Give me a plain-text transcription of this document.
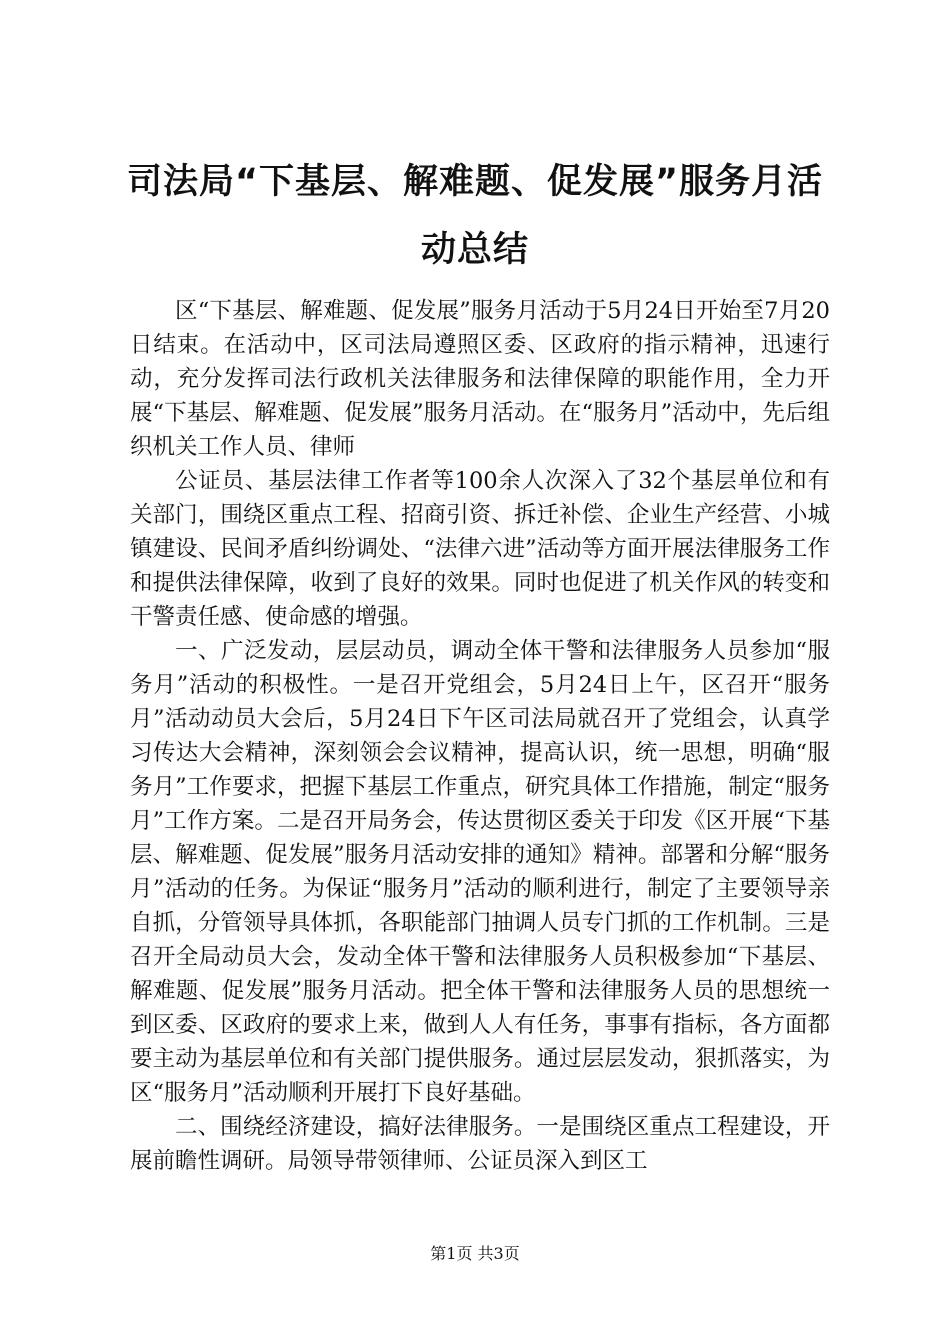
司法局“下基层、解难题、促发展”服务月活
动总结

区“下基层、解难题、促发展”服务月活动于5月24日开始至7月20日结束。在活动中，区司法局遵照区委、区政府的指示精神，迅速行动，充分发挥司法行政机关法律服务和法律保障的职能作用，全力开展“下基层、解难题、促发展”服务月活动。在“服务月”活动中，先后组织机关工作人员、律师

公证员、基层法律工作者等100余人次深入了32个基层单位和有关部门，围绕区重点工程、招商引资、拆迁补偿、企业生产经营、小城镇建设、民间矛盾纠纷调处、“法律六进”活动等方面开展法律服务工作和提供法律保障，收到了良好的效果。同时也促进了机关作风的转变和干警责任感、使命感的增强。

一、广泛发动，层层动员，调动全体干警和法律服务人员参加“服务月”活动的积极性。一是召开党组会，5月24日上午，区召开“服务月”活动动员大会后，5月24日下午区司法局就召开了党组会，认真学习传达大会精神，深刻领会会议精神，提高认识，统一思想，明确“服务月”工作要求，把握下基层工作重点，研究具体工作措施，制定“服务月”工作方案。二是召开局务会，传达贯彻区委关于印发《区开展“下基层、解难题、促发展”服务月活动安排的通知》精神。部署和分解“服务月”活动的任务。为保证“服务月”活动的顺利进行，制定了主要领导亲自抓，分管领导具体抓，各职能部门抽调人员专门抓的工作机制。三是召开全局动员大会，发动全体干警和法律服务人员积极参加“下基层、解难题、促发展”服务月活动。把全体干警和法律服务人员的思想统一到区委、区政府的要求上来，做到人人有任务，事事有指标，各方面都要主动为基层单位和有关部门提供服务。通过层层发动，狠抓落实，为区“服务月”活动顺利开展打下良好基础。

二、围绕经济建设，搞好法律服务。一是围绕区重点工程建设，开展前瞻性调研。局领导带领律师、公证员深入到区工

第1页 共3页
